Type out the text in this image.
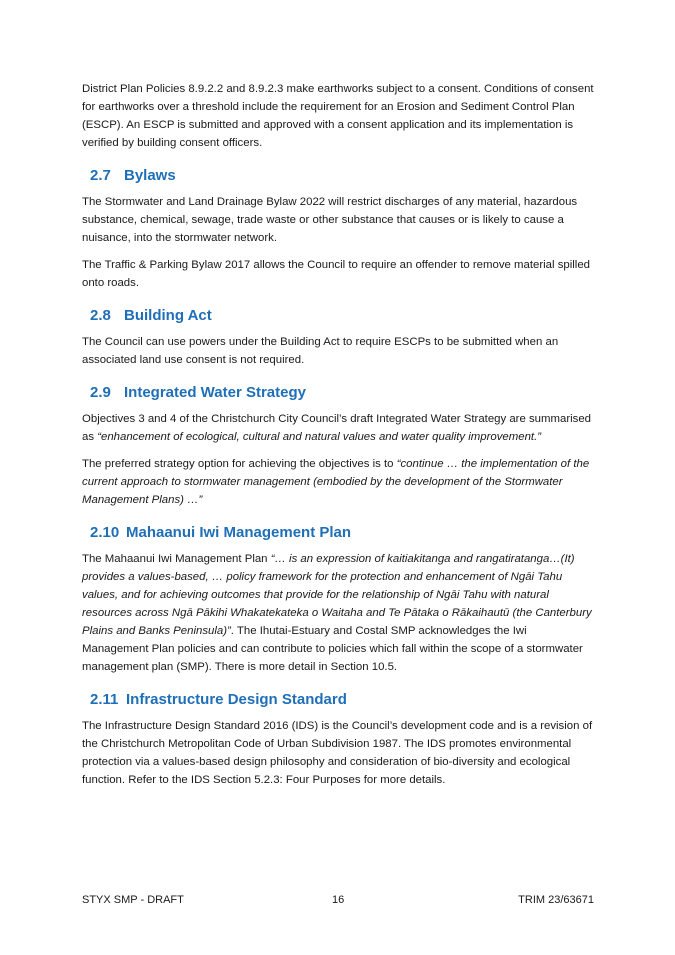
District Plan Policies 8.9.2.2 and 8.9.2.3 make earthworks subject to a consent. Conditions of consent for earthworks over a threshold include the requirement for an Erosion and Sediment Control Plan (ESCP). An ESCP is submitted and approved with a consent application and its implementation is verified by building consent officers.

2.7 Bylaws

The Stormwater and Land Drainage Bylaw 2022 will restrict discharges of any material, hazardous substance, chemical, sewage, trade waste or other substance that causes or is likely to cause a nuisance, into the stormwater network.

The Traffic & Parking Bylaw 2017 allows the Council to require an offender to remove material spilled onto roads.

2.8 Building Act

The Council can use powers under the Building Act to require ESCPs to be submitted when an associated land use consent is not required.

2.9 Integrated Water Strategy

Objectives 3 and 4 of the Christchurch City Council’s draft Integrated Water Strategy are summarised as “enhancement of ecological, cultural and natural values and water quality improvement.”

The preferred strategy option for achieving the objectives is to “continue … the implementation of the current approach to stormwater management (embodied by the development of the Stormwater Management Plans) …”

2.10 Mahaanui Iwi Management Plan

The Mahaanui Iwi Management Plan “… is an expression of kaitiakitanga and rangatiratanga…(It) provides a values-based, … policy framework for the protection and enhancement of Ngāi Tahu values, and for achieving outcomes that provide for the relationship of Ngāi Tahu with natural resources across Ngā Pākihi Whakatekateka o Waitaha and Te Pātaka o Rākaihautū (the Canterbury Plains and Banks Peninsula)”. The Ihutai-Estuary and Costal SMP acknowledges the Iwi Management Plan policies and can contribute to policies which fall within the scope of a stormwater management plan (SMP). There is more detail in Section 10.5.

2.11 Infrastructure Design Standard

The Infrastructure Design Standard 2016 (IDS) is the Council’s development code and is a revision of the Christchurch Metropolitan Code of Urban Subdivision 1987. The IDS promotes environmental protection via a values-based design philosophy and consideration of bio-diversity and ecological function. Refer to the IDS Section 5.2.3: Four Purposes for more details.

STYX SMP - DRAFT	16	TRIM 23/63671
